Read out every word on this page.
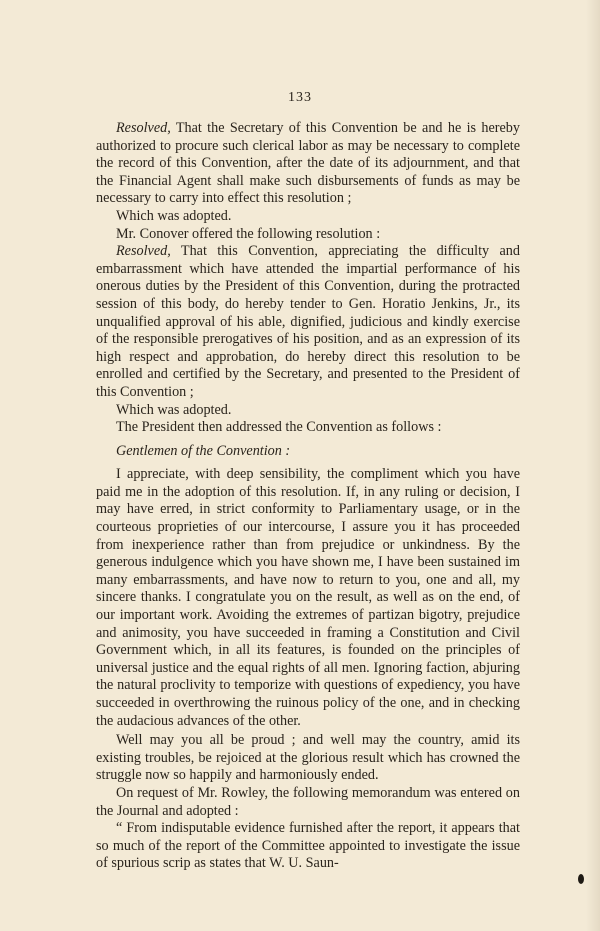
133

Resolved, That the Secretary of this Convention be and he is hereby authorized to procure such clerical labor as may be necessary to complete the record of this Convention, after the date of its adjournment, and that the Financial Agent shall make such disbursements of funds as may be necessary to carry into effect this resolution ;

Which was adopted.

Mr. Conover offered the following resolution :

Resolved, That this Convention, appreciating the difficulty and embarrassment which have attended the impartial performance of his onerous duties by the President of this Convention, during the protracted session of this body, do hereby tender to Gen. Horatio Jenkins, Jr., its unqualified approval of his able, dignified, judicious and kindly exercise of the responsible prerogatives of his position, and as an expression of its high respect and approbation, do hereby direct this resolution to be enrolled and certified by the Secretary, and presented to the President of this Convention ;

Which was adopted.

The President then addressed the Convention as follows :

Gentlemen of the Convention :

I appreciate, with deep sensibility, the compliment which you have paid me in the adoption of this resolution. If, in any ruling or decision, I may have erred, in strict conformity to Parliamentary usage, or in the courteous proprieties of our intercourse, I assure you it has proceeded from inexperience rather than from prejudice or unkindness. By the generous indulgence which you have shown me, I have been sustained im many embarrassments, and have now to return to you, one and all, my sincere thanks. I congratulate you on the result, as well as on the end, of our important work. Avoiding the extremes of partizan bigotry, prejudice and animosity, you have succeeded in framing a Constitution and Civil Government which, in all its features, is founded on the principles of universal justice and the equal rights of all men. Ignoring faction, abjuring the natural proclivity to temporize with questions of expediency, you have succeeded in overthrowing the ruinous policy of the one, and in checking the audacious advances of the other.

Well may you all be proud ; and well may the country, amid its existing troubles, be rejoiced at the glorious result which has crowned the struggle now so happily and harmoniously ended.

On request of Mr. Rowley, the following memorandum was entered on the Journal and adopted :

“ From indisputable evidence furnished after the report, it appears that so much of the report of the Committee appointed to investigate the issue of spurious scrip as states that W. U. Saun-
